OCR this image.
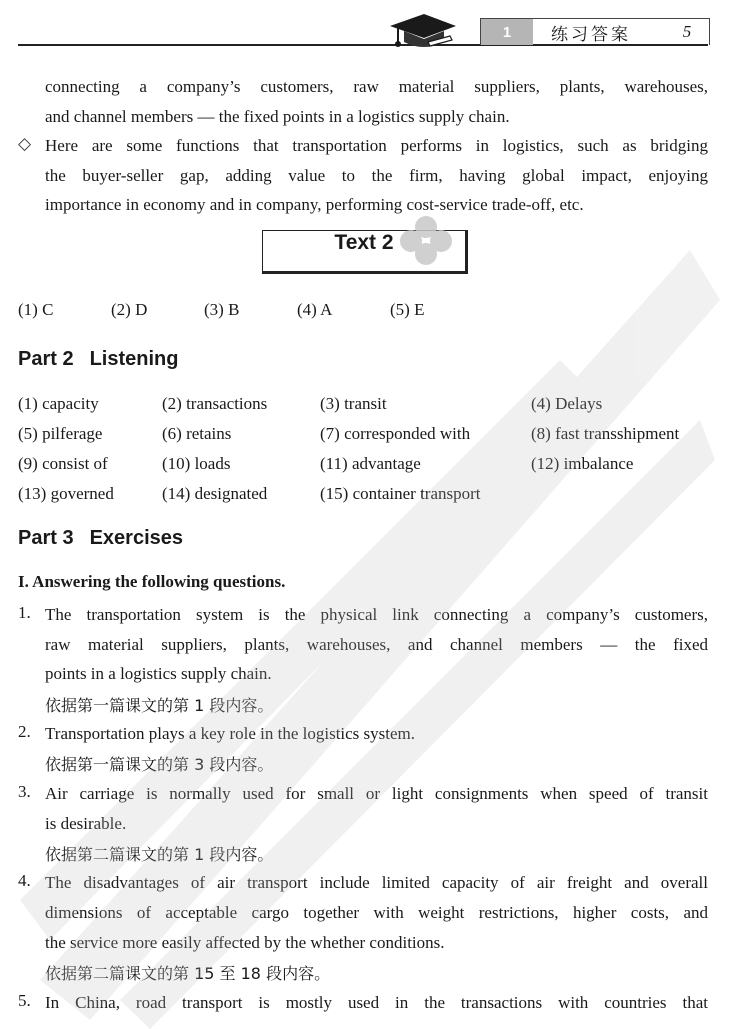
1	练习答案	5
connecting a company’s customers, raw material suppliers, plants, warehouses,
and channel members — the fixed points in a logistics supply chain.
◇ Here are some functions that transportation performs in logistics, such as bridging
the buyer-seller gap, adding value to the firm, having global impact, enjoying
importance in economy and in company, performing cost-service trade-off, etc.
Text 2
(1) C	(2) D	(3) B	(4) A	(5) E
Part 2 Listening
(1) capacity	(2) transactions	(3) transit	(4) Delays
(5) pilferage	(6) retains	(7) corresponded with	(8) fast transshipment
(9) consist of	(10) loads	(11) advantage	(12) imbalance
(13) governed	(14) designated	(15) container transport
Part 3 Exercises
I. Answering the following questions.
1. The transportation system is the physical link connecting a company’s customers,
raw material suppliers, plants, warehouses, and channel members — the fixed
points in a logistics supply chain.
依据第一篇课文的第 1 段内容。
2. Transportation plays a key role in the logistics system.
依据第一篇课文的第 3 段内容。
3. Air carriage is normally used for small or light consignments when speed of transit
is desirable.
依据第二篇课文的第 1 段内容。
4. The disadvantages of air transport include limited capacity of air freight and overall
dimensions of acceptable cargo together with weight restrictions, higher costs, and
the service more easily affected by the whether conditions.
依据第二篇课文的第 15 至 18 段内容。
5. In China, road transport is mostly used in the transactions with countries that
